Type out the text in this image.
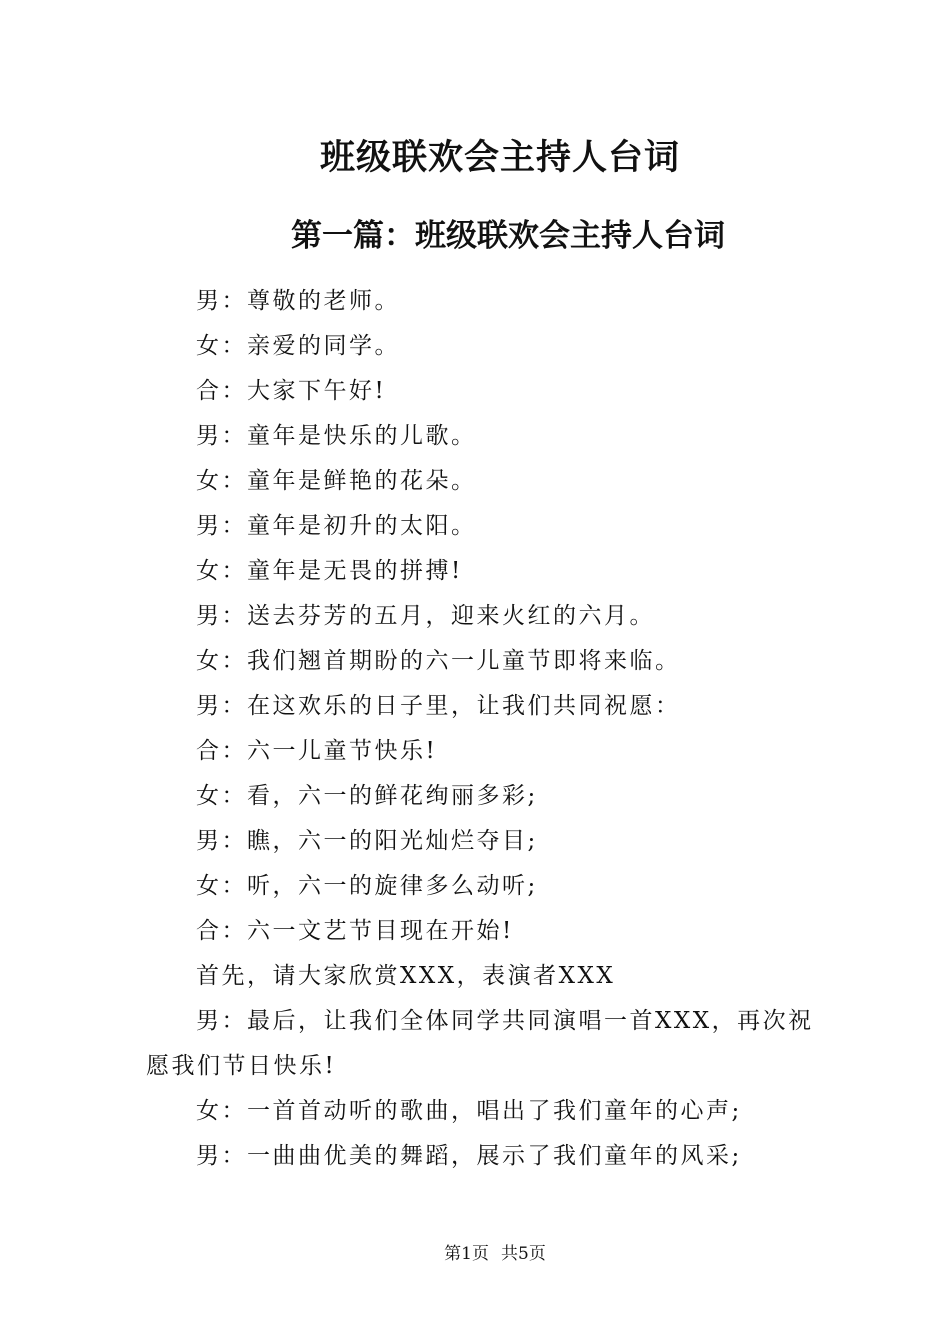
班级联欢会主持人台词
第一篇：班级联欢会主持人台词
男：尊敬的老师。
女：亲爱的同学。
合：大家下午好!
男：童年是快乐的儿歌。
女：童年是鲜艳的花朵。
男：童年是初升的太阳。
女：童年是无畏的拼搏!
男：送去芬芳的五月，迎来火红的六月。
女：我们翘首期盼的六一儿童节即将来临。
男：在这欢乐的日子里，让我们共同祝愿：
合：六一儿童节快乐!
女：看，六一的鲜花绚丽多彩;
男：瞧，六一的阳光灿烂夺目;
女：听，六一的旋律多么动听;
合：六一文艺节目现在开始!
首先，请大家欣赏XXX，表演者XXX
男：最后，让我们全体同学共同演唱一首XXX，再次祝
愿我们节日快乐!
女：一首首动听的歌曲，唱出了我们童年的心声;
男：一曲曲优美的舞蹈，展示了我们童年的风采;
第1页 共5页
